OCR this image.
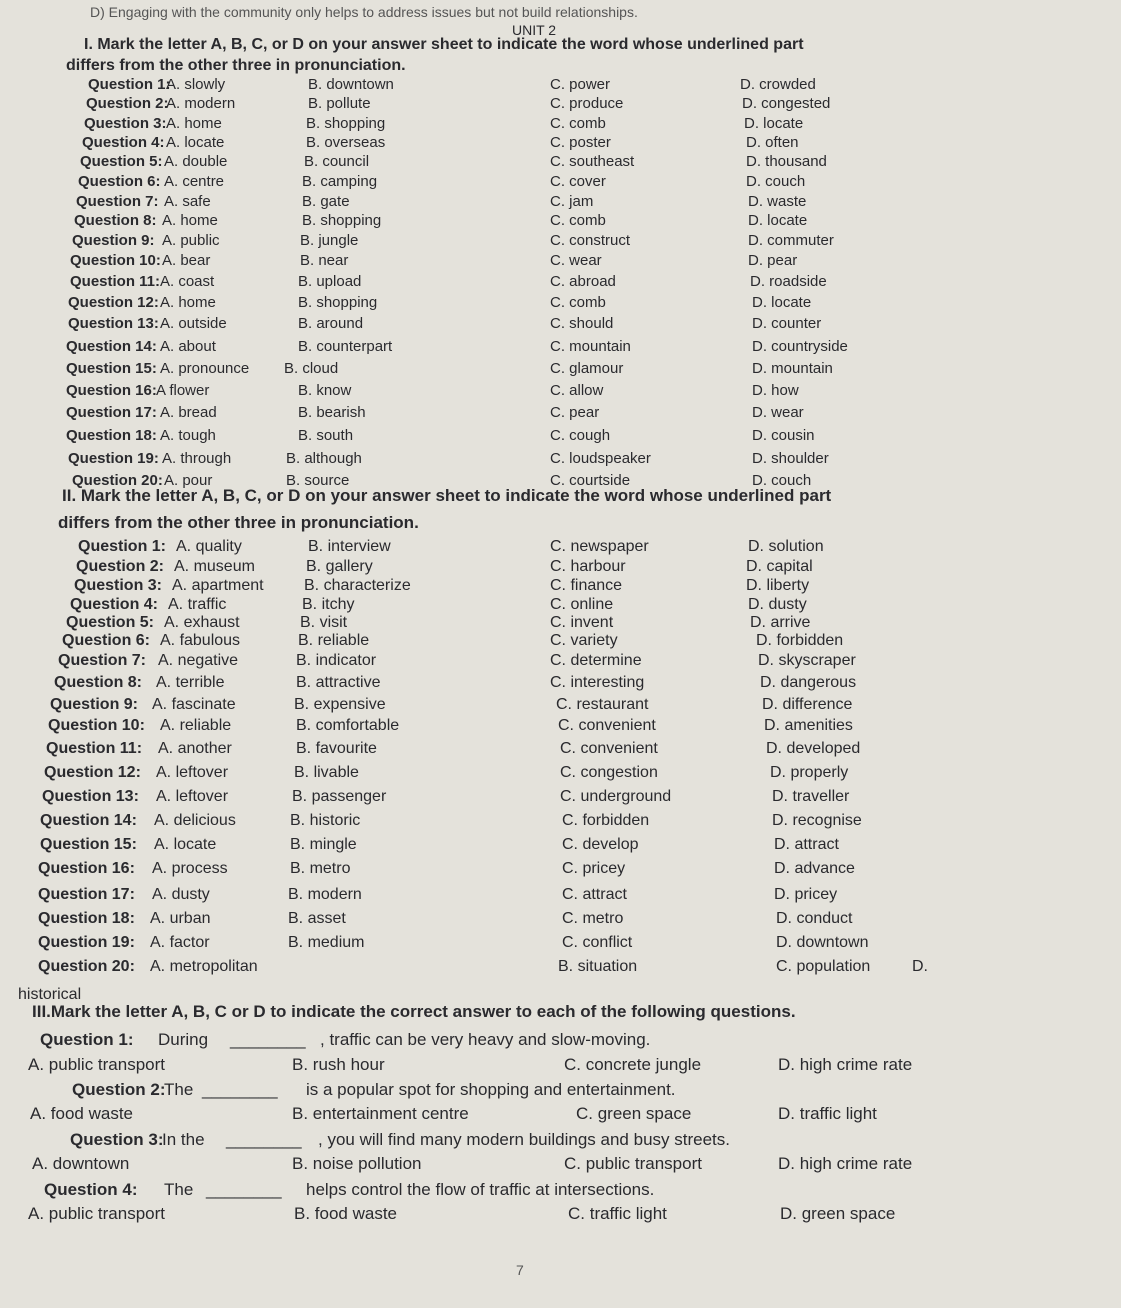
D) Engaging with the community only helps to address issues but not build relationships.
UNIT 2
I. Mark the letter A, B, C, or D on your answer sheet to indicate the word whose underlined part
differs from the other three in pronunciation.
Question 1:
A. slowly	B. downtown	C. power	D. crowded
Question 2:
A. modern	B. pollute	C. produce	D. congested
Question 3: A. home	B. shopping	C. comb	D. locate
Question 4: A. locate	B. overseas	C. poster	D. often
Question 5: A. double	B. council	C. southeast	D. thousand
Question 6: A. centre	B. camping	C. cover	D. couch
Question 7: A. safe	B. gate	C. jam	D. waste
Question 8: A. home	B. shopping	C. comb	D. locate
Question 9: A. public	B. jungle	C. construct	D. commuter
Question 10: A. bear	B. near	C. wear	D. pear
Question 11: A. coast	B. upload	C. abroad	D. roadside
Question 12: A. home	B. shopping	C. comb	D. locate
Question 13: A. outside	B. around	C. should	D. counter
Question 14: A. about	B. counterpart	C. mountain	D. countryside
Question 15: A. pronounce B. cloud	C. glamour	D. mountain
Question 16: A flower	B. know	C. allow	D. how
Question 17: A. bread	B. bearish	C. pear	D. wear
Question 18: A. tough	B. south	C. cough	D. cousin
Question 19: A. through	B. although	C. loudspeaker	D. shoulder
Question 20: A. pour	B. source	C. courtside	D. couch
II. Mark the letter A, B, C, or D on your answer sheet to indicate the word whose underlined part
differs from the other three in pronunciation.
Question 1: A. quality	B. interview	C. newspaper	D. solution
Question 2: A. museum	B. gallery	C. harbour	D. capital
Question 3: A. apartment	B. characterize	C. finance	D. liberty
Question 4: A. traffic	B. itchy	C. online	D. dusty
Question 5: A. exhaust	B. visit	C. invent	D. arrive
Question 6: A. fabulous	B. reliable	C. variety	D. forbidden
Question 7: A. negative	B. indicator	C. determine	D. skyscraper
Question 8: A. terrible	B. attractive	C. interesting	D. dangerous
Question 9: A. fascinate	B. expensive	C. restaurant	D. difference
Question 10: A. reliable	B. comfortable	C. convenient	D. amenities
Question 11: A. another	B. favourite	C. convenient	D. developed
Question 12: A. leftover	B. livable	C. congestion	D. properly
Question 13: A. leftover	B. passenger	C. underground	D. traveller
Question 14: A. delicious	B. historic	C. forbidden	D. recognise
Question 15: A. locate	B. mingle	C. develop	D. attract
Question 16: A. process	B. metro	C. pricey	D. advance
Question 17: A. dusty	B. modern	C. attract	D. pricey
Question 18: A. urban	B. asset	C. metro	D. conduct
Question 19: A. factor	B. medium	C. conflict	D. downtown
Question 20: A. metropolitan	B. situation	C. population	D.
historical
III.Mark the letter A, B, C or D to indicate the correct answer to each of the following questions.
Question 1: During ________ , traffic can be very heavy and slow-moving.
A. public transport	B. rush hour	C. concrete jungle	D. high crime rate
Question 2:
The ________ is a popular spot for shopping and entertainment.
A. food waste	B. entertainment centre	C. green space	D. traffic light
Question 3:
In the ________ , you will find many modern buildings and busy streets.
A. downtown	B. noise pollution	C. public transport	D. high crime rate
Question 4: The ________ helps control the flow of traffic at intersections.
A. public transport	B. food waste	C. traffic light	D. green space
7
